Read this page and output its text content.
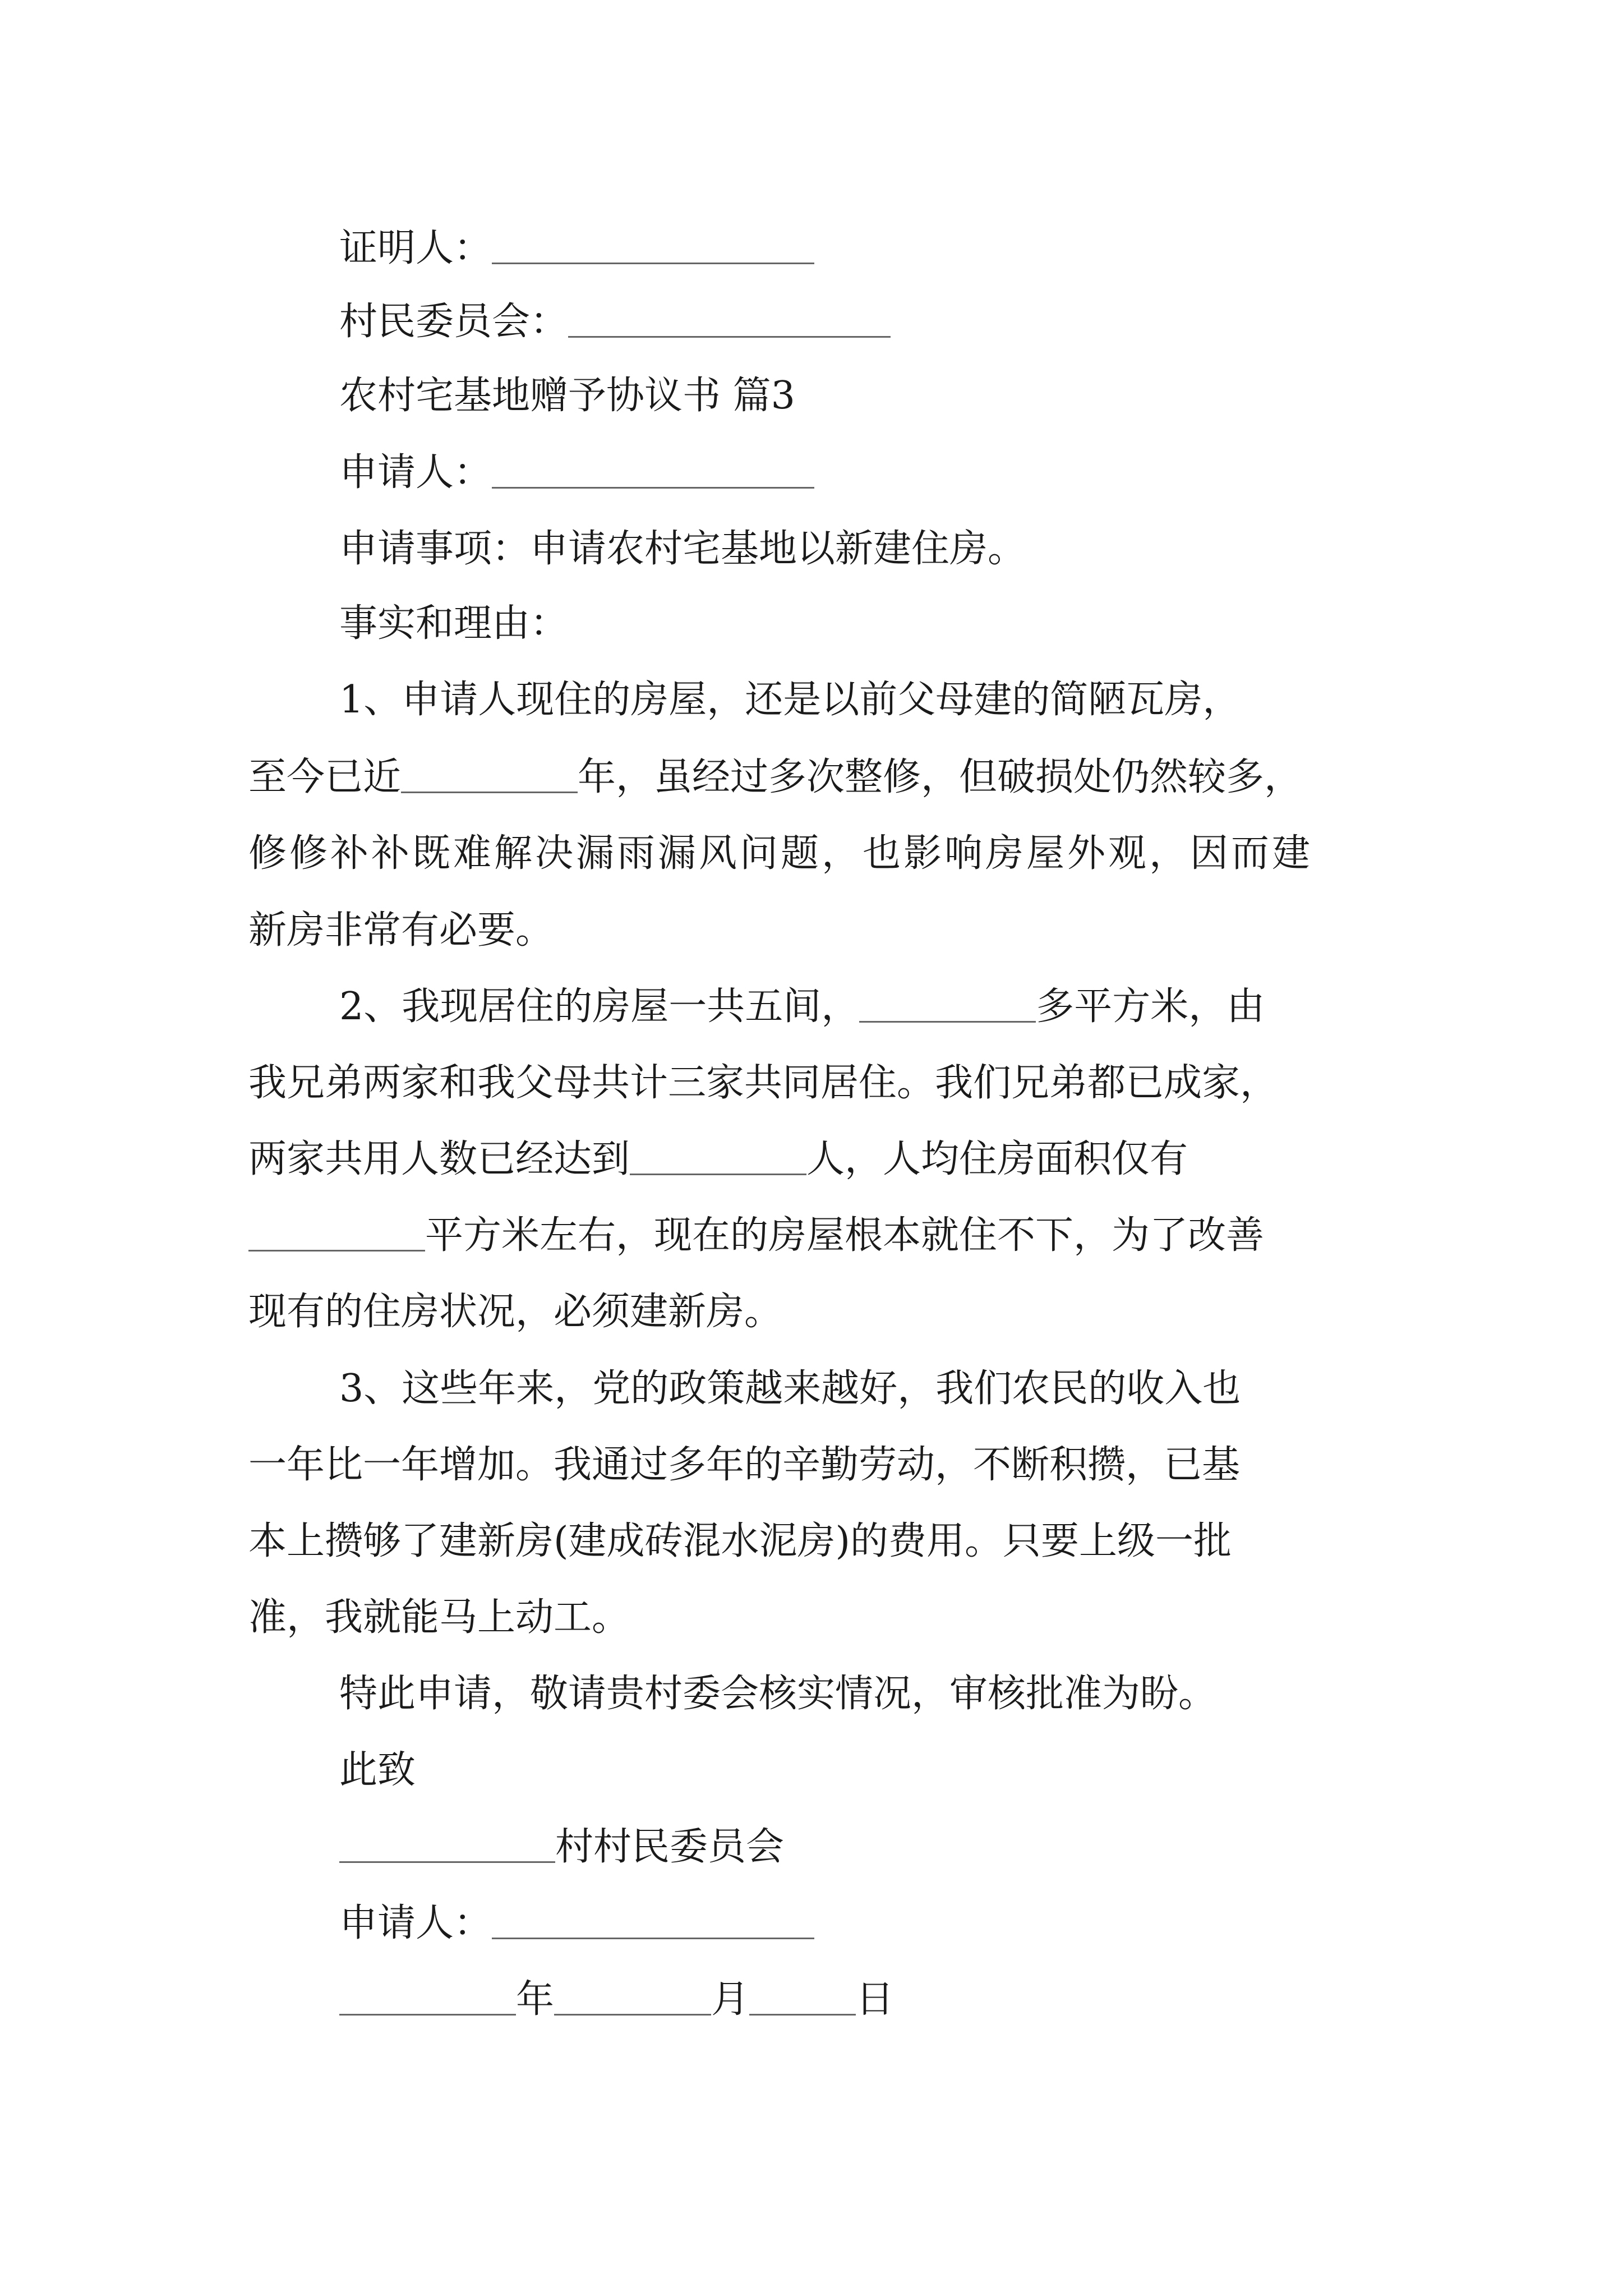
证明人：
村民委员会：
农村宅基地赠予协议书 篇3
申请人：
申请事项：申请农村宅基地以新建住房。
事实和理由：
1、申请人现住的房屋，还是以前父母建的简陋瓦房，
至今已近	年，虽经过多次整修，但破损处仍然较多，
修修补补既难解决漏雨漏风问题，也影响房屋外观，因而建
新房非常有必要。
2、我现居住的房屋一共五间，	多平方米，由
我兄弟两家和我父母共计三家共同居住。我们兄弟都已成家，
两家共用人数已经达到	人，人均住房面积仅有
平方米左右，现在的房屋根本就住不下，为了改善
现有的住房状况，必须建新房。
3、这些年来，党的政策越来越好，我们农民的收入也
一年比一年增加。我通过多年的辛勤劳动，不断积攒，已基
本上攒够了建新房(建成砖混水泥房)的费用。只要上级一批
准，我就能马上动工。
特此申请，敬请贵村委会核实情况，审核批准为盼。
此致
村村民委员会
申请人：
年	月	日
